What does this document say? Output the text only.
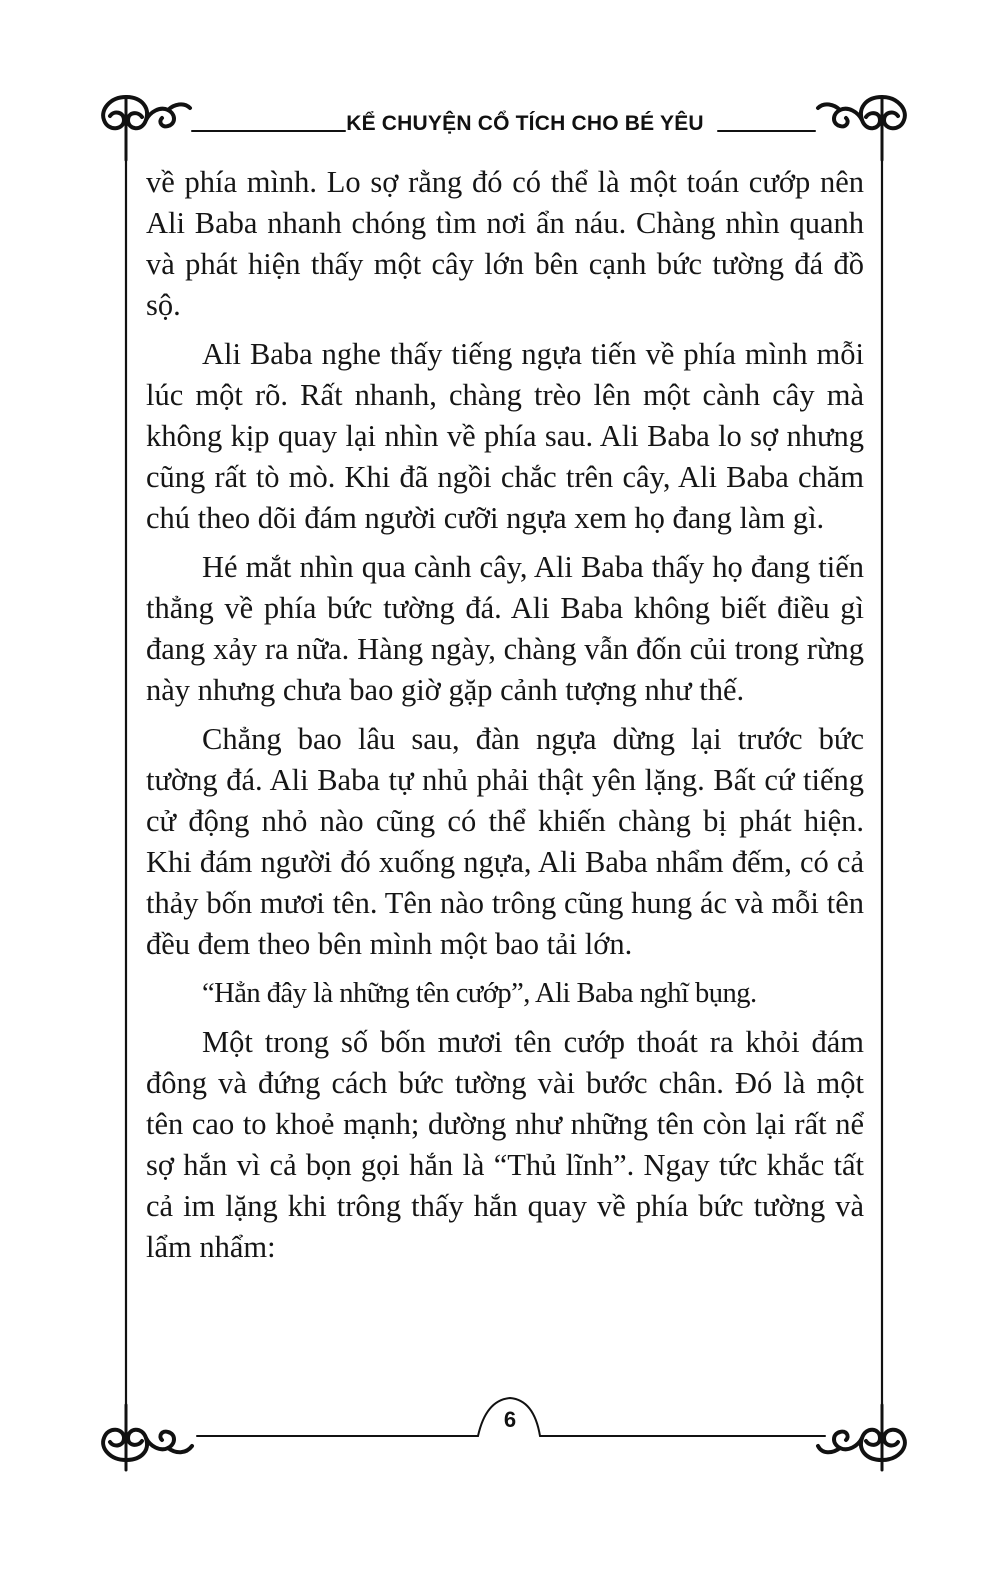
KỂ CHUYỆN CỔ TÍCH CHO BÉ YÊU

về phía mình. Lo sợ rằng đó có thể là một toán cướp nên Ali Baba nhanh chóng tìm nơi ẩn náu. Chàng nhìn quanh và phát hiện thấy một cây lớn bên cạnh bức tường đá đồ sộ.

Ali Baba nghe thấy tiếng ngựa tiến về phía mình mỗi lúc một rõ. Rất nhanh, chàng trèo lên một cành cây mà không kịp quay lại nhìn về phía sau. Ali Baba lo sợ nhưng cũng rất tò mò. Khi đã ngồi chắc trên cây, Ali Baba chăm chú theo dõi đám người cưỡi ngựa xem họ đang làm gì.

Hé mắt nhìn qua cành cây, Ali Baba thấy họ đang tiến thẳng về phía bức tường đá. Ali Baba không biết điều gì đang xảy ra nữa. Hàng ngày, chàng vẫn đốn củi trong rừng này nhưng chưa bao giờ gặp cảnh tượng như thế.

Chẳng bao lâu sau, đàn ngựa dừng lại trước bức tường đá. Ali Baba tự nhủ phải thật yên lặng. Bất cứ tiếng cử động nhỏ nào cũng có thể khiến chàng bị phát hiện. Khi đám người đó xuống ngựa, Ali Baba nhẩm đếm, có cả thảy bốn mươi tên. Tên nào trông cũng hung ác và mỗi tên đều đem theo bên mình một bao tải lớn.

“Hẳn đây là những tên cướp”, Ali Baba nghĩ bụng.

Một trong số bốn mươi tên cướp thoát ra khỏi đám đông và đứng cách bức tường vài bước chân. Đó là một tên cao to khoẻ mạnh; dường như những tên còn lại rất nể sợ hắn vì cả bọn gọi hắn là “Thủ lĩnh”. Ngay tức khắc tất cả im lặng khi trông thấy hắn quay về phía bức tường và lẩm nhẩm:

6
